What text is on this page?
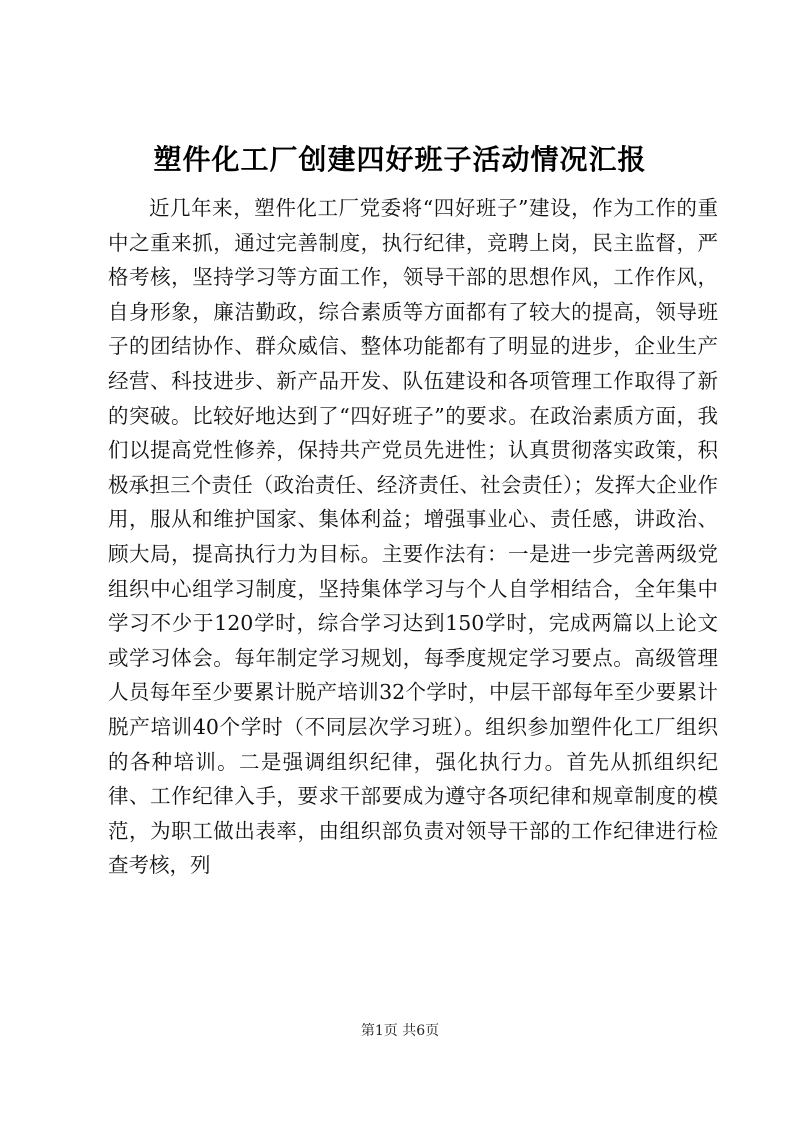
塑件化工厂创建四好班子活动情况汇报

近几年来，塑件化工厂党委将“四好班子”建设，作为工作的重中之重来抓，通过完善制度，执行纪律，竞聘上岗，民主监督，严格考核，坚持学习等方面工作，领导干部的思想作风，工作作风，自身形象，廉洁勤政，综合素质等方面都有了较大的提高，领导班子的团结协作、群众威信、整体功能都有了明显的进步，企业生产经营、科技进步、新产品开发、队伍建设和各项管理工作取得了新的突破。比较好地达到了“四好班子”的要求。在政治素质方面，我们以提高党性修养，保持共产党员先进性；认真贯彻落实政策，积极承担三个责任（政治责任、经济责任、社会责任）；发挥大企业作用，服从和维护国家、集体利益；增强事业心、责任感，讲政治、顾大局，提高执行力为目标。主要作法有：一是进一步完善两级党组织中心组学习制度，坚持集体学习与个人自学相结合，全年集中学习不少于120学时，综合学习达到150学时，完成两篇以上论文或学习体会。每年制定学习规划，每季度规定学习要点。高级管理人员每年至少要累计脱产培训32个学时，中层干部每年至少要累计脱产培训40个学时（不同层次学习班）。组织参加塑件化工厂组织的各种培训。二是强调组织纪律，强化执行力。首先从抓组织纪律、工作纪律入手，要求干部要成为遵守各项纪律和规章制度的模范，为职工做出表率，由组织部负责对领导干部的工作纪律进行检查考核，列

第1页 共6页
